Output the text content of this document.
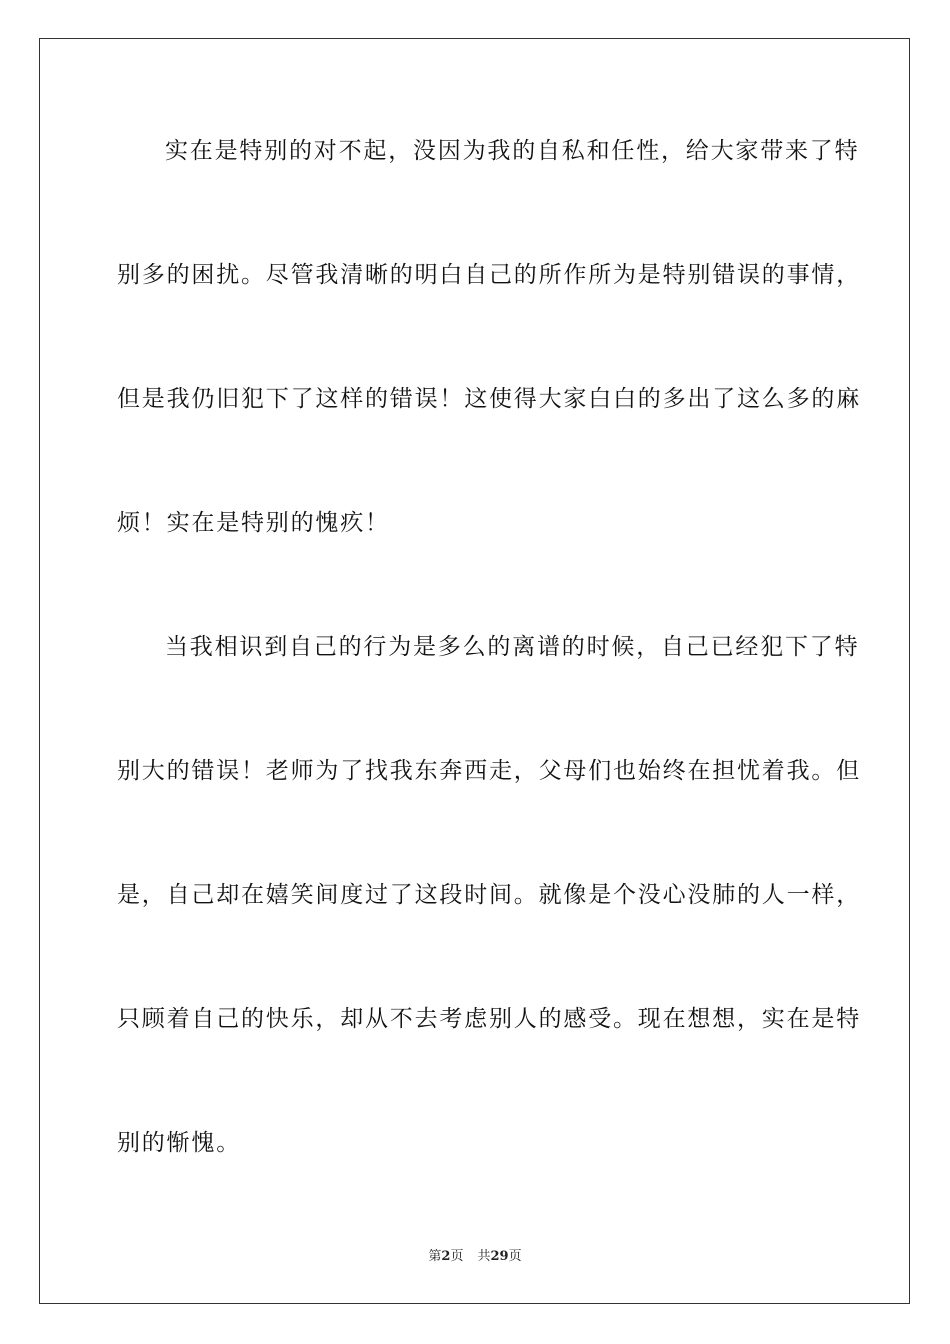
实在是特别的对不起，没因为我的自私和任性，给大家带来了特
别多的困扰。尽管我清晰的明白自己的所作所为是特别错误的事情，
但是我仍旧犯下了这样的错误！这使得大家白白的多出了这么多的麻
烦！实在是特别的愧疚！
当我相识到自己的行为是多么的离谱的时候，自己已经犯下了特
别大的错误！老师为了找我东奔西走，父母们也始终在担忧着我。但
是，自己却在嬉笑间度过了这段时间。就像是个没心没肺的人一样，
只顾着自己的快乐，却从不去考虑别人的感受。现在想想，实在是特
别的惭愧。
第2页 共29页
